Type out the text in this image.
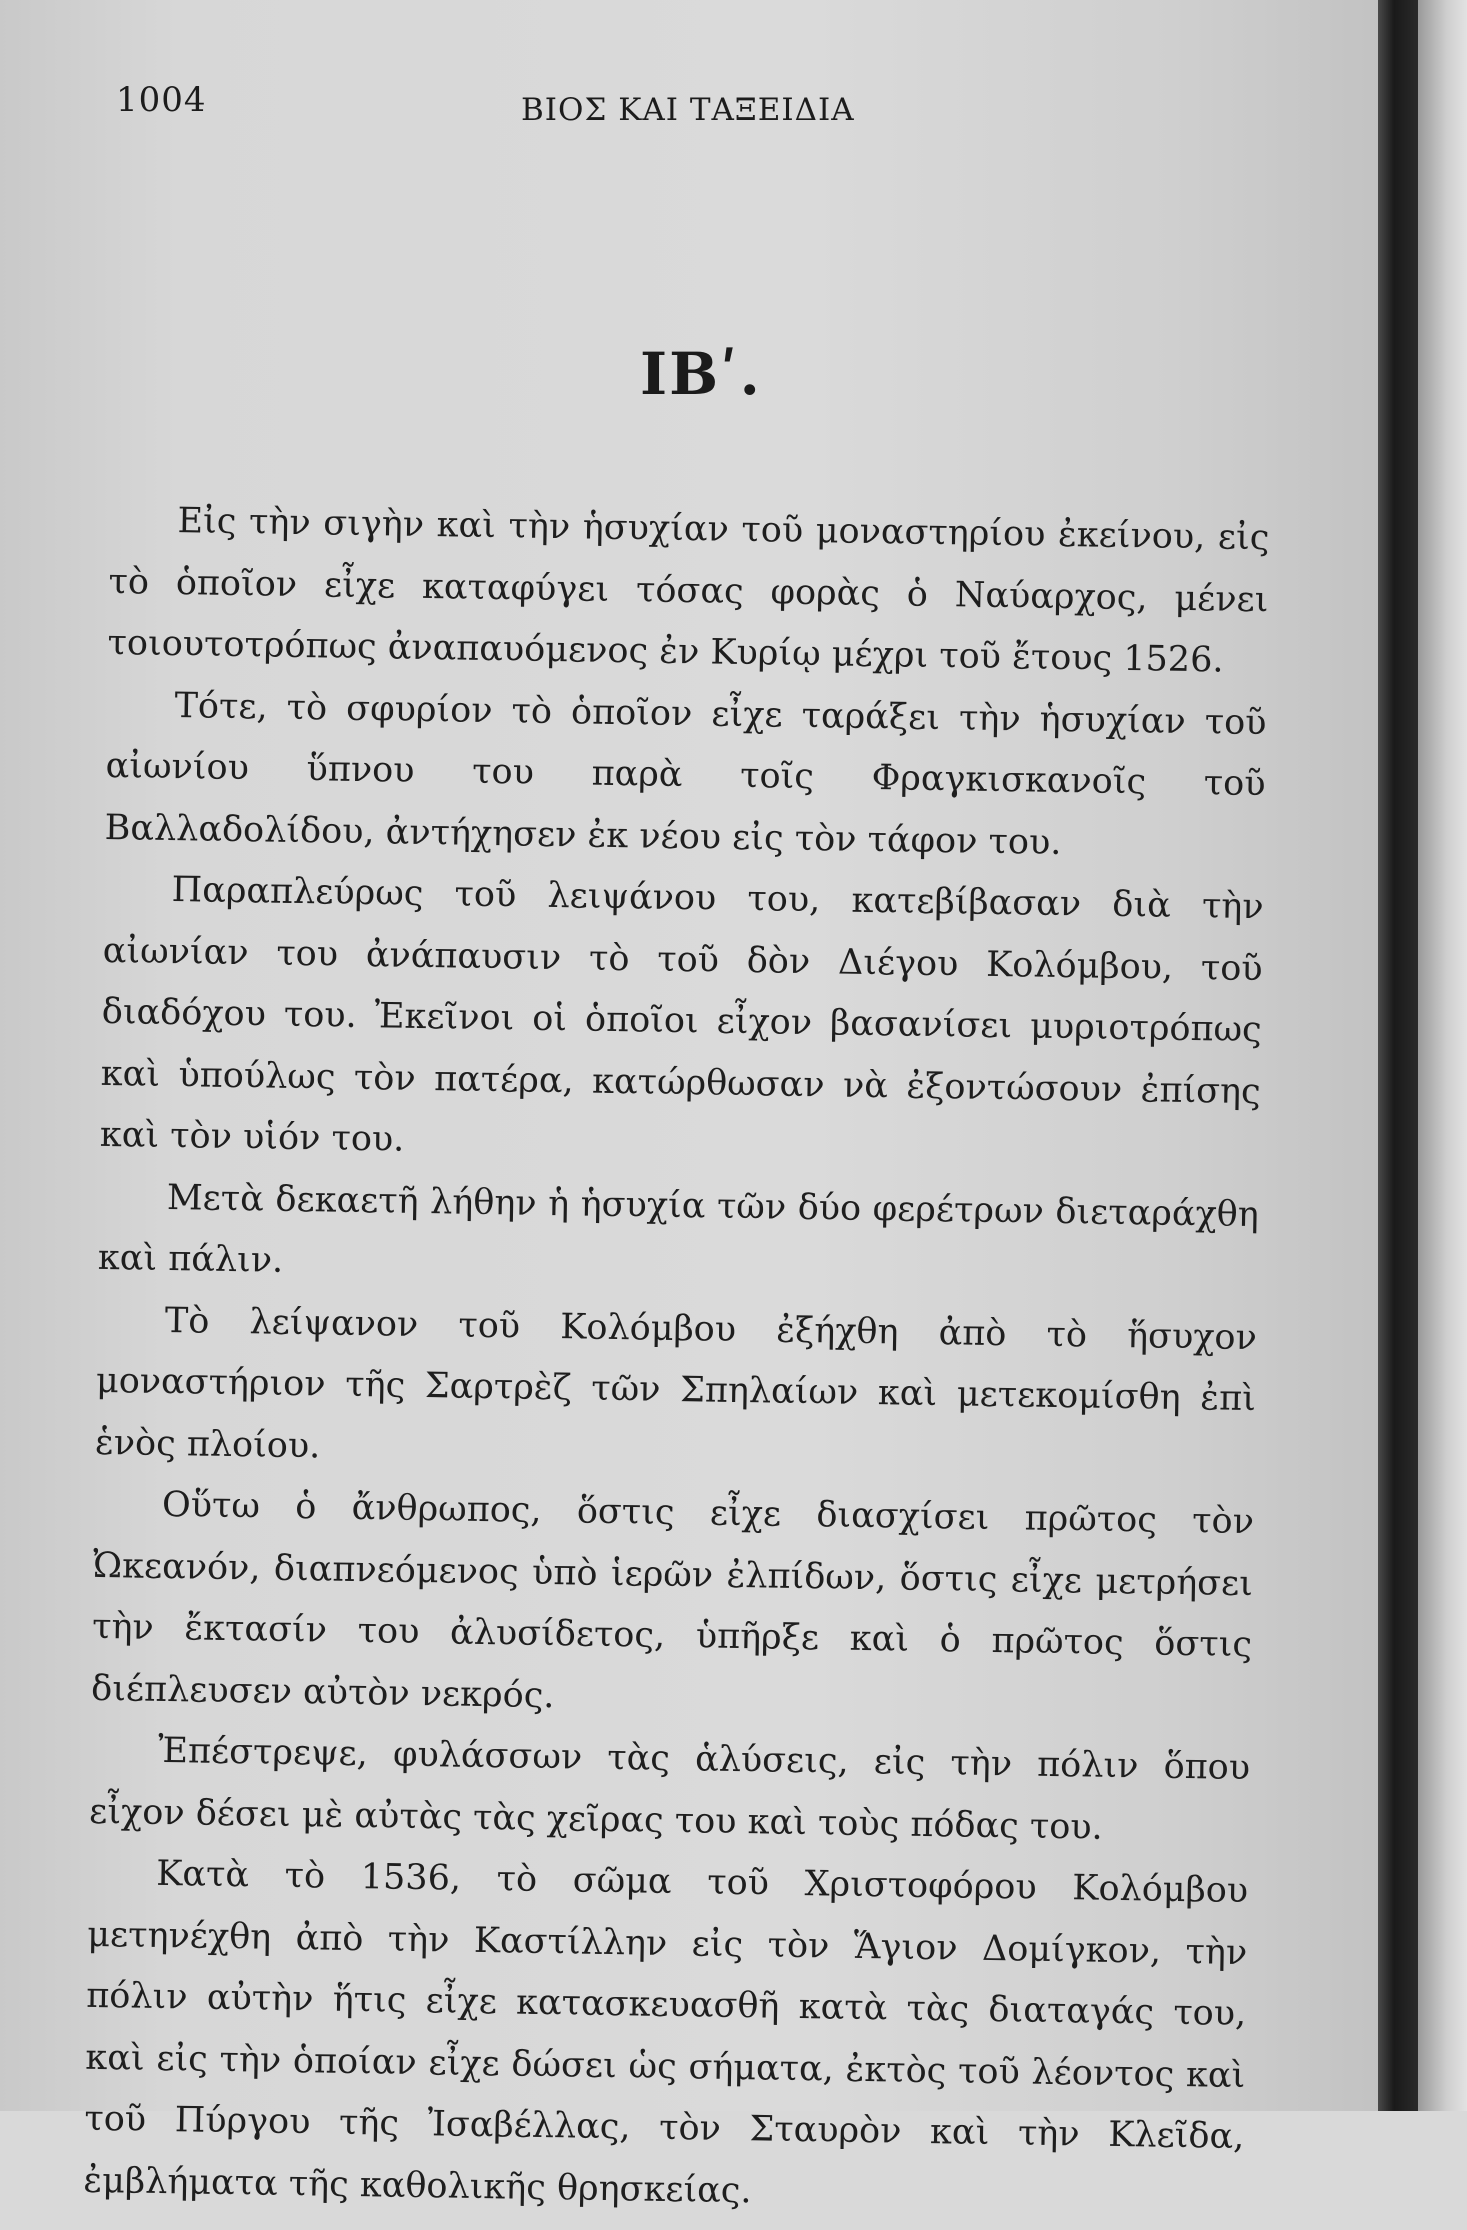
1004	ΒΙΟΣ ΚΑΙ ΤΑΞΕΙΔΙΑ
ΙΒʹ.

Εἰς τὴν σιγὴν καὶ τὴν ἡσυχίαν τοῦ μοναστηρίου ἐκείνου, εἰς τὸ ὁποῖον εἶχε καταφύγει τόσας φορὰς ὁ Ναύαρχος, μένει τοιουτοτρόπως ἀναπαυόμενος ἐν Κυρίῳ μέχρι τοῦ ἔτους 1526.

Τότε, τὸ σφυρίον τὸ ὁποῖον εἶχε ταράξει τὴν ἡσυχίαν τοῦ αἰωνίου ὕπνου του παρὰ τοῖς Φραγκισκανοῖς τοῦ Βαλλαδολίδου, ἀντήχησεν ἐκ νέου εἰς τὸν τάφον του.

Παραπλεύρως τοῦ λειψάνου του, κατεβίβασαν διὰ τὴν αἰωνίαν του ἀνάπαυσιν τὸ τοῦ δὸν Διέγου Κολόμβου, τοῦ διαδόχου του. Ἐκεῖνοι οἱ ὁποῖοι εἶχον βασανίσει μυριοτρόπως καὶ ὑπούλως τὸν πατέρα, κατώρθωσαν νὰ ἐξοντώσουν ἐπίσης καὶ τὸν υἱόν του.

Μετὰ δεκαετῆ λήθην ἡ ἡσυχία τῶν δύο φερέτρων διεταράχθη καὶ πάλιν.

Τὸ λείψανον τοῦ Κολόμβου ἐξήχθη ἀπὸ τὸ ἥσυχον μοναστήριον τῆς Σαρτρὲζ τῶν Σπηλαίων καὶ μετεκομίσθη ἐπὶ ἑνὸς πλοίου.

Οὕτω ὁ ἄνθρωπος, ὅστις εἶχε διασχίσει πρῶτος τὸν Ὠκεανόν, διαπνεόμενος ὑπὸ ἱερῶν ἐλπίδων, ὅστις εἶχε μετρήσει τὴν ἔκτασίν του ἀλυσίδετος, ὑπῆρξε καὶ ὁ πρῶτος ὅστις διέπλευσεν αὐτὸν νεκρός.

Ἐπέστρεψε, φυλάσσων τὰς ἁλύσεις, εἰς τὴν πόλιν ὅπου εἶχον δέσει μὲ αὐτὰς τὰς χεῖρας του καὶ τοὺς πόδας του.

Κατὰ τὸ 1536, τὸ σῶμα τοῦ Χριστοφόρου Κολόμβου μετηνέχθη ἀπὸ τὴν Καστίλλην εἰς τὸν Ἅγιον Δομίγκον, τὴν πόλιν αὐτὴν ἥτις εἶχε κατασκευασθῆ κατὰ τὰς διαταγάς του, καὶ εἰς τὴν ὁποίαν εἶχε δώσει ὡς σήματα, ἐκτὸς τοῦ λέοντος καὶ τοῦ Πύργου τῆς Ἰσαβέλλας, τὸν Σταυρὸν καὶ τὴν Κλεῖδα, ἐμβλήματα τῆς καθολικῆς θρησκείας.
